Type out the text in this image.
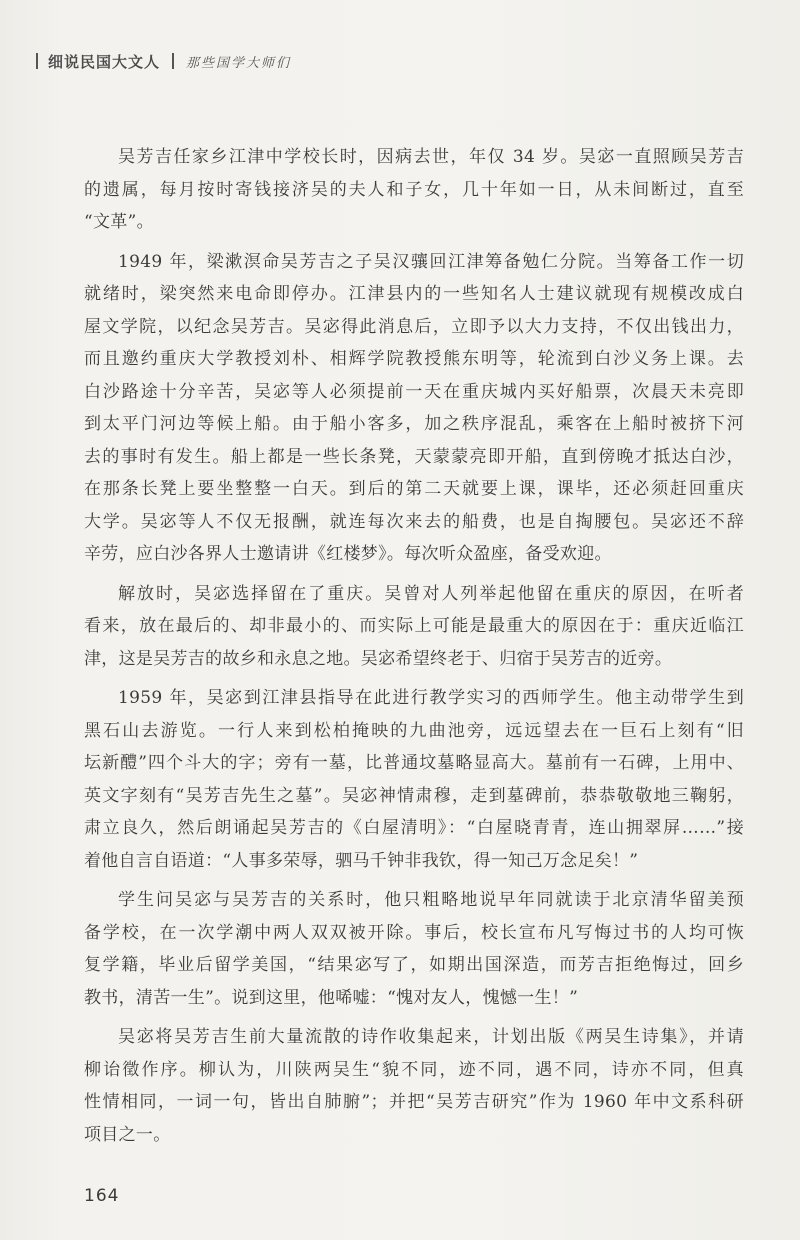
细说民国大文人 那些国学大师们
吴芳吉任家乡江津中学校长时，因病去世，年仅 34 岁。吴宓一直照顾吴芳吉
的遗属，每月按时寄钱接济吴的夫人和子女，几十年如一日，从未间断过，直至
“文革”。
1949 年，梁漱溟命吴芳吉之子吴汉骧回江津筹备勉仁分院。当筹备工作一切
就绪时，梁突然来电命即停办。江津县内的一些知名人士建议就现有规模改成白
屋文学院，以纪念吴芳吉。吴宓得此消息后，立即予以大力支持，不仅出钱出力，
而且邀约重庆大学教授刘朴、相辉学院教授熊东明等，轮流到白沙义务上课。去
白沙路途十分辛苦，吴宓等人必须提前一天在重庆城内买好船票，次晨天未亮即
到太平门河边等候上船。由于船小客多，加之秩序混乱，乘客在上船时被挤下河
去的事时有发生。船上都是一些长条凳，天蒙蒙亮即开船，直到傍晚才抵达白沙，
在那条长凳上要坐整整一白天。到后的第二天就要上课，课毕，还必须赶回重庆
大学。吴宓等人不仅无报酬，就连每次来去的船费，也是自掏腰包。吴宓还不辞
辛劳，应白沙各界人士邀请讲《红楼梦》。每次听众盈座，备受欢迎。
解放时，吴宓选择留在了重庆。吴曾对人列举起他留在重庆的原因，在听者
看来，放在最后的、却非最小的、而实际上可能是最重大的原因在于：重庆近临江
津，这是吴芳吉的故乡和永息之地。吴宓希望终老于、归宿于吴芳吉的近旁。
1959 年，吴宓到江津县指导在此进行教学实习的西师学生。他主动带学生到
黑石山去游览。一行人来到松柏掩映的九曲池旁，远远望去在一巨石上刻有“旧
坛新醴”四个斗大的字；旁有一墓，比普通坟墓略显高大。墓前有一石碑，上用中、
英文字刻有“吴芳吉先生之墓”。吴宓神情肃穆，走到墓碑前，恭恭敬敬地三鞠躬，
肃立良久，然后朗诵起吴芳吉的《白屋清明》：“白屋晓青青，连山拥翠屏……”接
着他自言自语道：“人事多荣辱，驷马千钟非我钦，得一知己万念足矣！”
学生问吴宓与吴芳吉的关系时，他只粗略地说早年同就读于北京清华留美预
备学校，在一次学潮中两人双双被开除。事后，校长宣布凡写悔过书的人均可恢
复学籍，毕业后留学美国，“结果宓写了，如期出国深造，而芳吉拒绝悔过，回乡
教书，清苦一生”。说到这里，他唏嘘：“愧对友人，愧憾一生！”
吴宓将吴芳吉生前大量流散的诗作收集起来，计划出版《两吴生诗集》，并请
柳诒徵作序。柳认为，川陕两吴生“貌不同，迹不同，遇不同，诗亦不同，但真
性情相同，一词一句，皆出自肺腑”；并把“吴芳吉研究”作为 1960 年中文系科研
项目之一。
164
